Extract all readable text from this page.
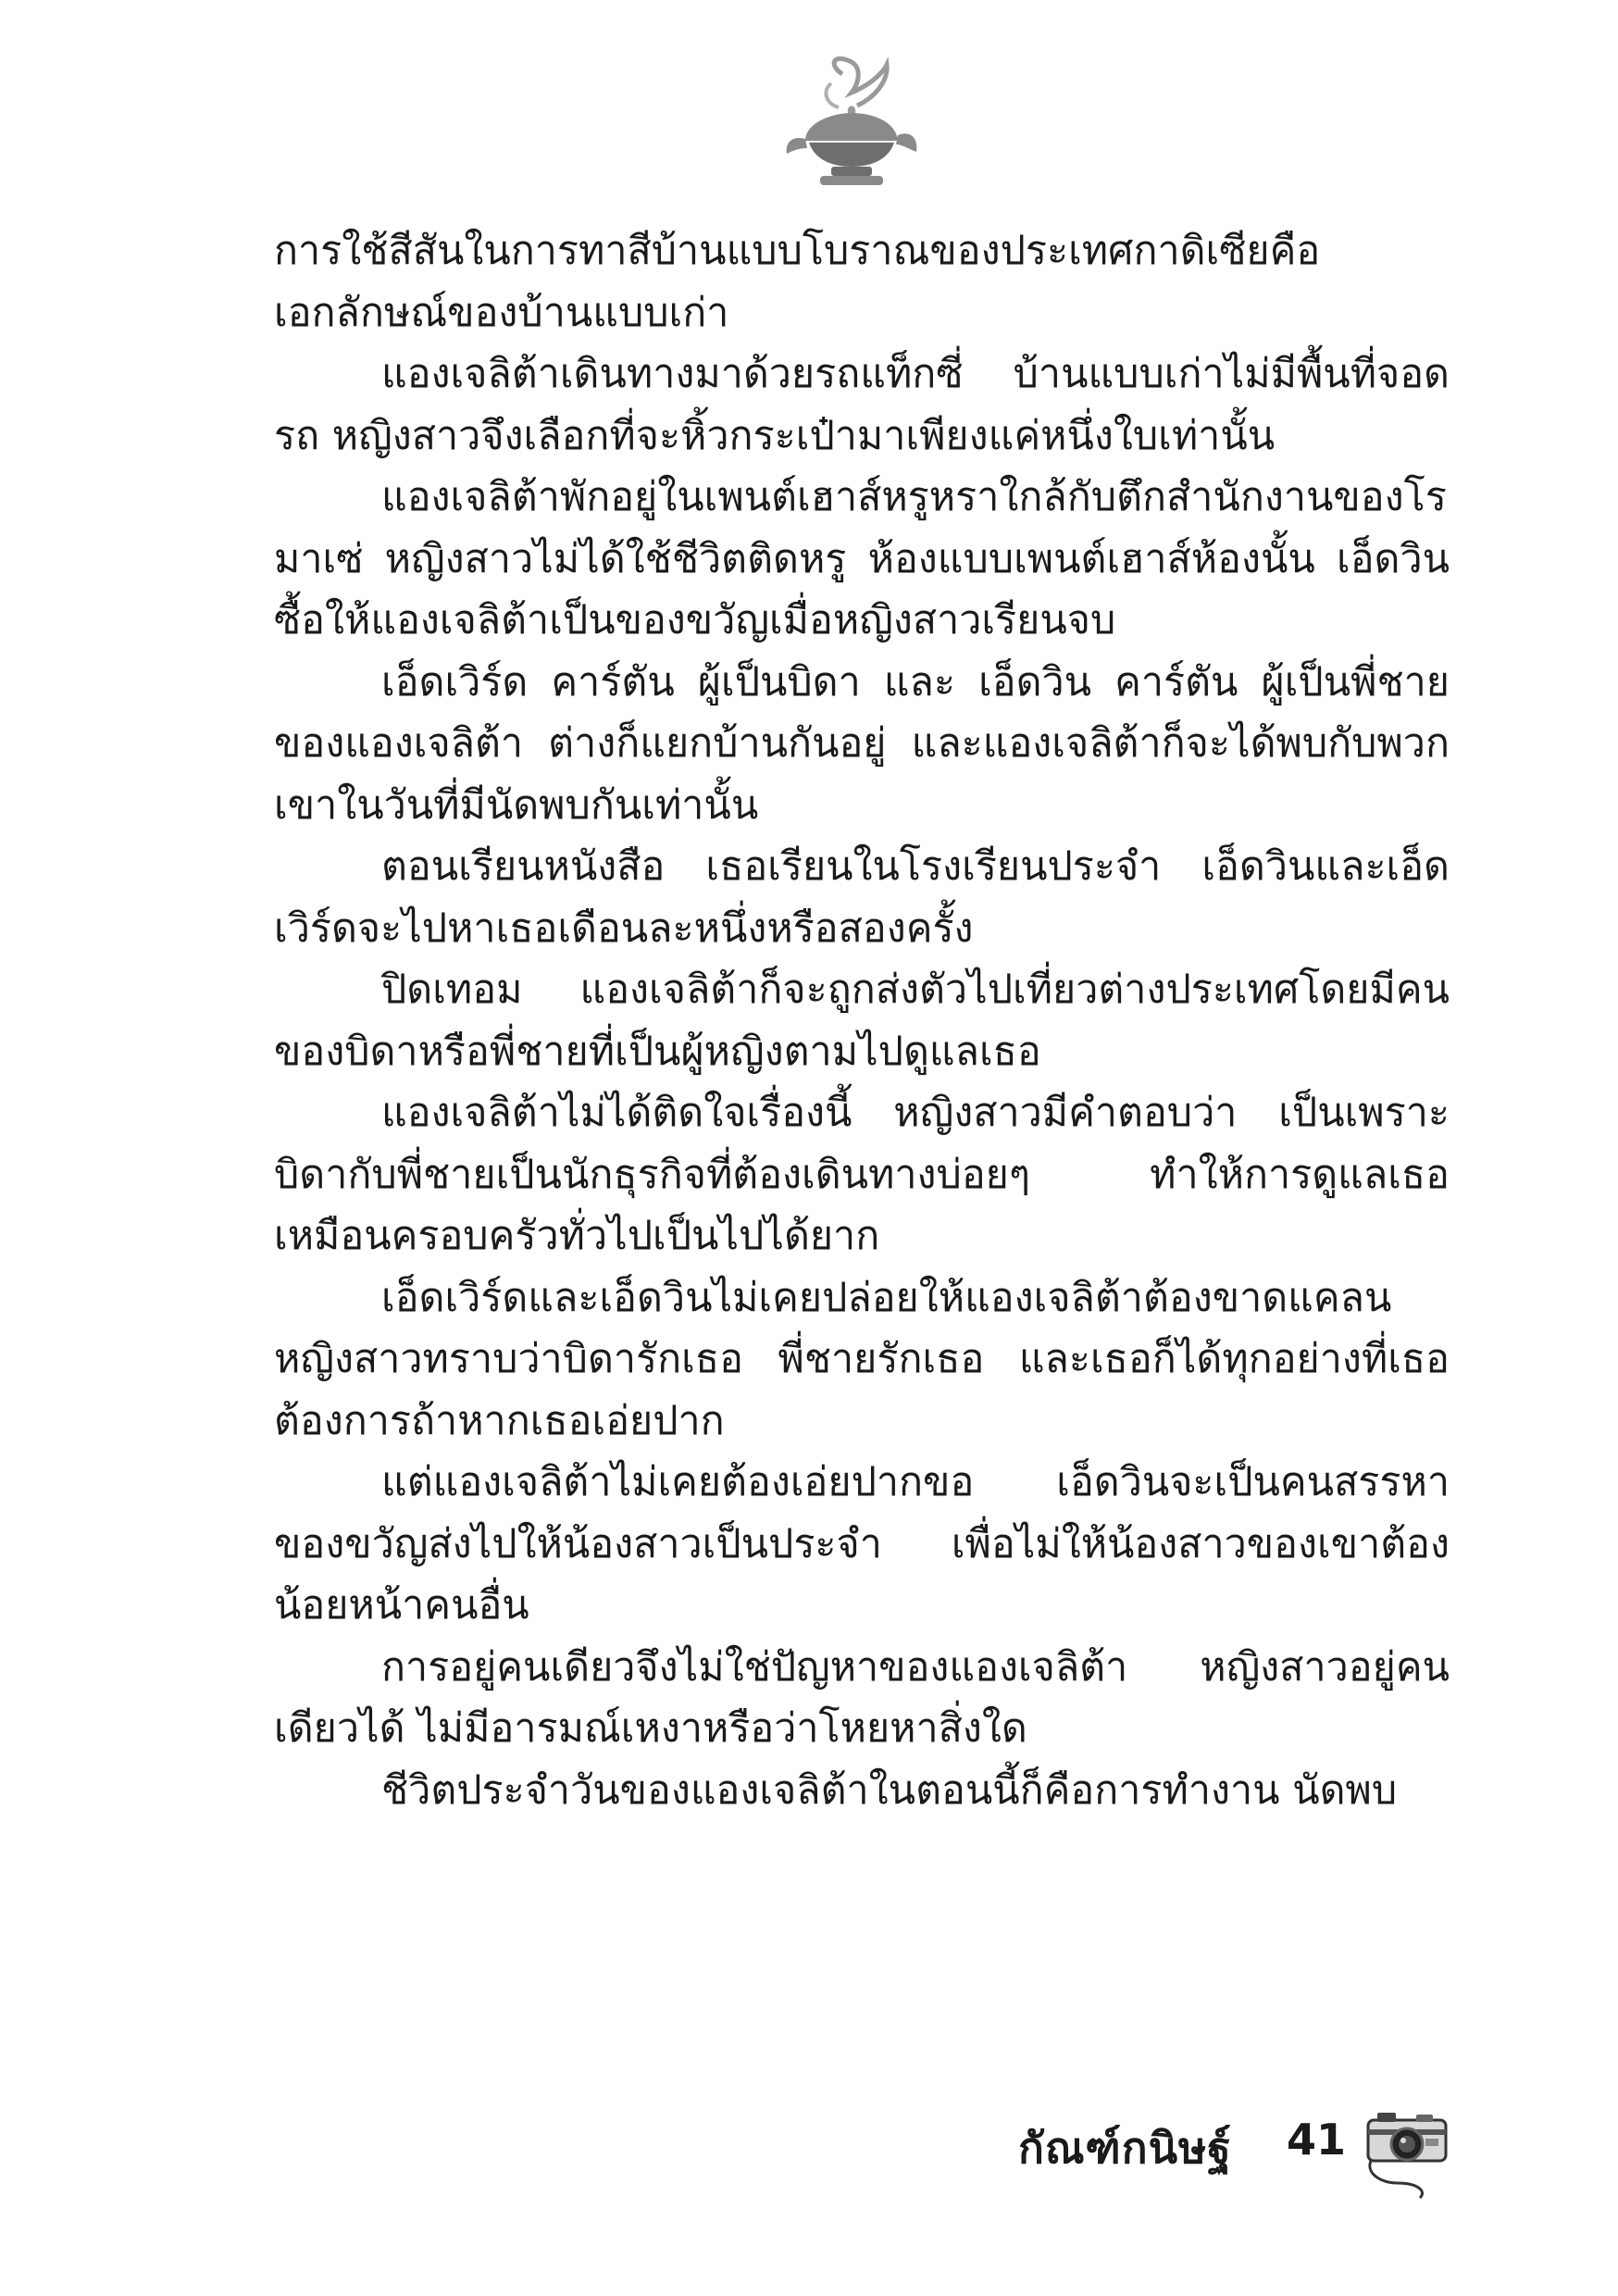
การใช้สีสันในการทาสีบ้านแบบโบราณของประเทศกาดิเซียคือเอกลักษณ์ของบ้านแบบเก่า

แองเจลิต้าเดินทางมาด้วยรถแท็กซี่ บ้านแบบเก่าไม่มีพื้นที่จอดรถ หญิงสาวจึงเลือกที่จะหิ้วกระเป๋ามาเพียงแค่หนึ่งใบเท่านั้น

แองเจลิต้าพักอยู่ในเพนต์เฮาส์หรูหราใกล้กับตึกสำนักงานของโรมาเซ่ หญิงสาวไม่ได้ใช้ชีวิตติดหรู ห้องแบบเพนต์เฮาส์ห้องนั้น เอ็ดวินซื้อให้แองเจลิต้าเป็นของขวัญเมื่อหญิงสาวเรียนจบ

เอ็ดเวิร์ด คาร์ตัน ผู้เป็นบิดา และ เอ็ดวิน คาร์ตัน ผู้เป็นพี่ชายของแองเจลิต้า ต่างก็แยกบ้านกันอยู่ และแองเจลิต้าก็จะได้พบกับพวกเขาในวันที่มีนัดพบกันเท่านั้น

ตอนเรียนหนังสือ เธอเรียนในโรงเรียนประจำ เอ็ดวินและเอ็ดเวิร์ดจะไปหาเธอเดือนละหนึ่งหรือสองครั้ง

ปิดเทอม แองเจลิต้าก็จะถูกส่งตัวไปเที่ยวต่างประเทศโดยมีคนของบิดาหรือพี่ชายที่เป็นผู้หญิงตามไปดูแลเธอ

แองเจลิต้าไม่ได้ติดใจเรื่องนี้ หญิงสาวมีคำตอบว่า เป็นเพราะบิดากับพี่ชายเป็นนักธุรกิจที่ต้องเดินทางบ่อยๆ ทำให้การดูแลเธอเหมือนครอบครัวทั่วไปเป็นไปได้ยาก

เอ็ดเวิร์ดและเอ็ดวินไม่เคยปล่อยให้แองเจลิต้าต้องขาดแคลน หญิงสาวทราบว่าบิดารักเธอ พี่ชายรักเธอ และเธอก็ได้ทุกอย่างที่เธอต้องการถ้าหากเธอเอ่ยปาก

แต่แองเจลิต้าไม่เคยต้องเอ่ยปากขอ เอ็ดวินจะเป็นคนสรรหาของขวัญส่งไปให้น้องสาวเป็นประจำ เพื่อไม่ให้น้องสาวของเขาต้องน้อยหน้าคนอื่น

การอยู่คนเดียวจึงไม่ใช่ปัญหาของแองเจลิต้า หญิงสาวอยู่คนเดียวได้ ไม่มีอารมณ์เหงาหรือว่าโหยหาสิ่งใด

ชีวิตประจำวันของแองเจลิต้าในตอนนี้ก็คือการทำงาน นัดพบ

กัณฑ์กนิษฐ์ 41
